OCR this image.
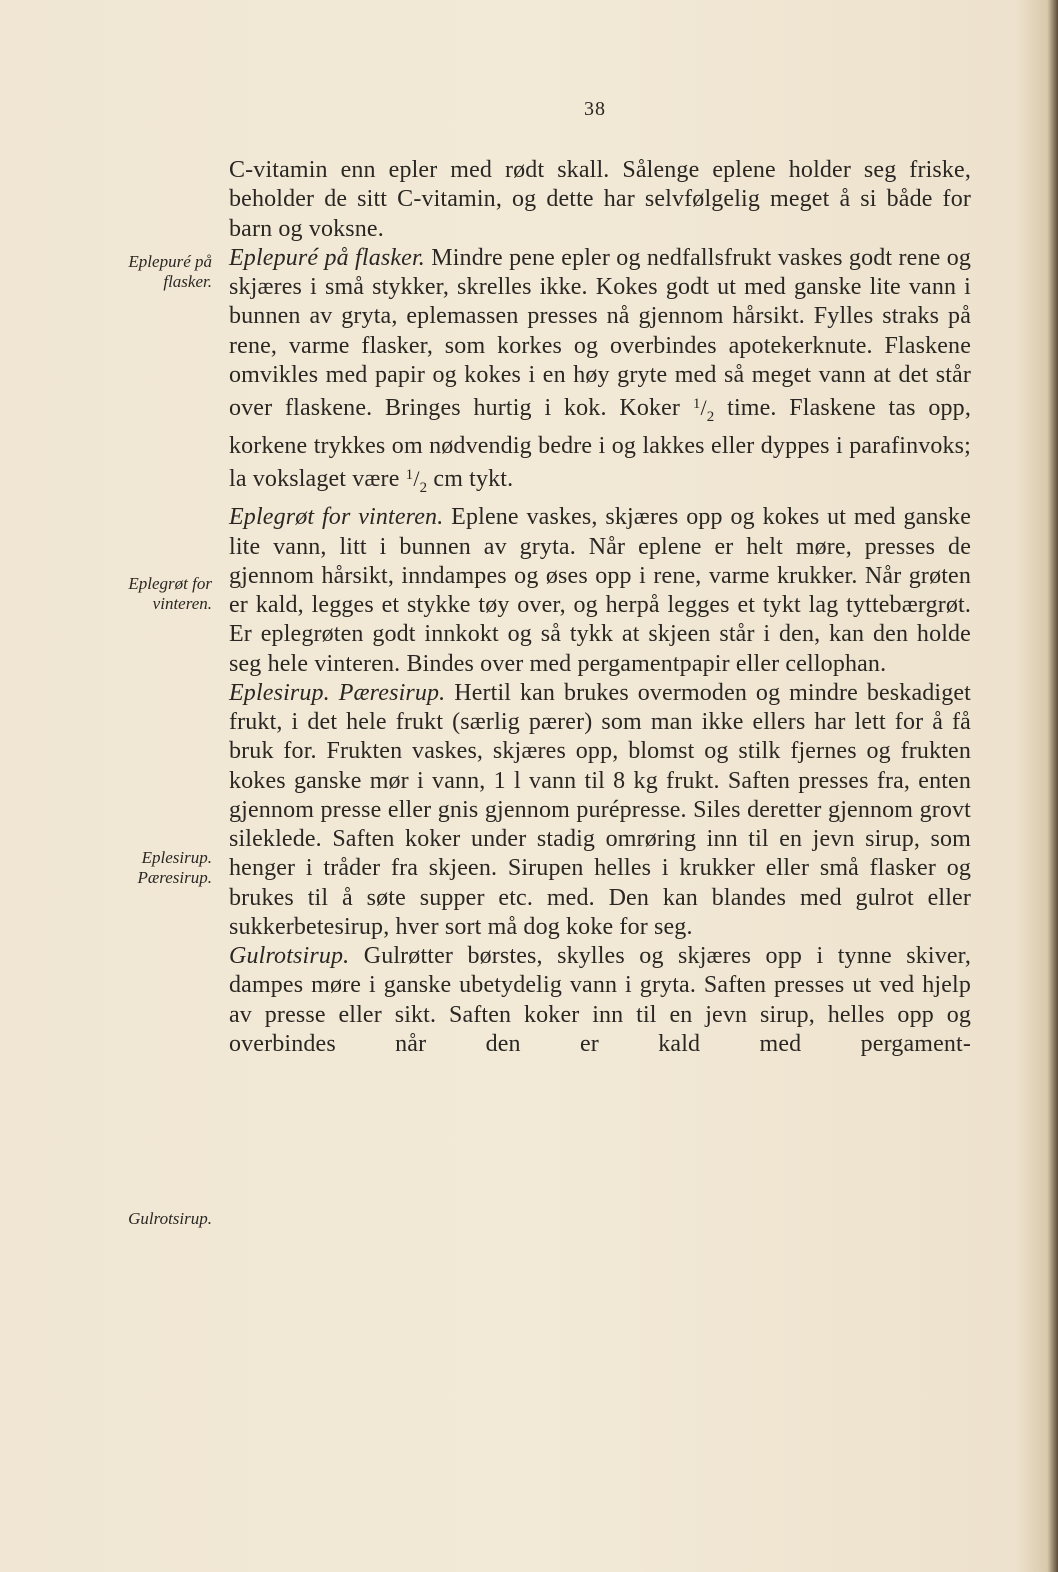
38
Eplepuré på
flasker.
Eplegrøt for
vinteren.
Eplesirup.
Pæresirup.
Gulrotsirup.

C-vitamin enn epler med rødt skall. Sålenge eplene holder seg friske, beholder de sitt C-vitamin, og dette har selvfølgelig meget å si både for barn og voksne.

Eplepuré på flasker. Mindre pene epler og nedfallsfrukt vaskes godt rene og skjæres i små stykker, skrelles ikke. Kokes godt ut med ganske lite vann i bunnen av gryta, eplemassen presses nå gjennom hårsikt. Fylles straks på rene, varme flasker, som korkes og overbindes apotekerknute. Flaskene omvikles med papir og kokes i en høy gryte med så meget vann at det står over flaskene. Bringes hurtig i kok. Koker $^1/_2$ time. Flaskene tas opp, korkene trykkes om nødvendig bedre i og lakkes eller dyppes i parafinvoks; la vokslaget være $^1/_2$ cm tykt.

Eplegrøt for vinteren. Eplene vaskes, skjæres opp og kokes ut med ganske lite vann, litt i bunnen av gryta. Når eplene er helt møre, presses de gjennom hårsikt, inndampes og øses opp i rene, varme krukker. Når grøten er kald, legges et stykke tøy over, og herpå legges et tykt lag tyttebærgrøt. Er eplegrøten godt innkokt og så tykk at skjeen står i den, kan den holde seg hele vinteren. Bindes over med pergamentpapir eller cellophan.

Eplesirup. Pæresirup. Hertil kan brukes overmoden og mindre beskadiget frukt, i det hele frukt (særlig pærer) som man ikke ellers har lett for å få bruk for. Frukten vaskes, skjæres opp, blomst og stilk fjernes og frukten kokes ganske mør i vann, 1 l vann til 8 kg frukt. Saften presses fra, enten gjennom presse eller gnis gjennom purépresse. Siles deretter gjennom grovt sileklede. Saften koker under stadig omrøring inn til en jevn sirup, som henger i tråder fra skjeen. Sirupen helles i krukker eller små flasker og brukes til å søte supper etc. med. Den kan blandes med gulrot eller sukkerbetesirup, hver sort må dog koke for seg.

Gulrotsirup. Gulrøtter børstes, skylles og skjæres opp i tynne skiver, dampes møre i ganske ubetydelig vann i gryta. Saften presses ut ved hjelp av presse eller sikt. Saften koker inn til en jevn sirup, helles opp og overbindes når den er kald med pergament-
